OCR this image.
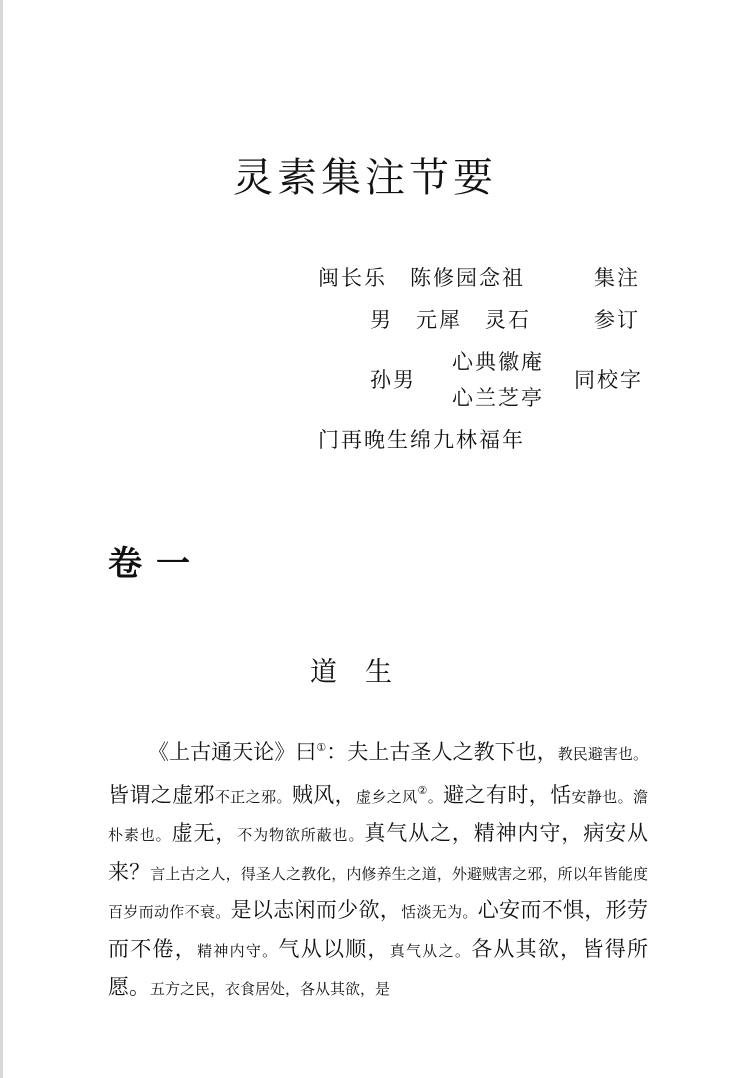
灵素集注节要
闽长乐　陈修园念祖	集注
男　元犀　灵石	参订
孙男
心典徽庵
心兰芝亭
同校字
门再晚生绵九林福年
卷一
道生
《上古通天论》曰①：夫上古圣人之教下也，教民避害也。皆谓之虚邪不正之邪。贼风，虚乡之风②。避之有时，恬安静也。澹朴素也。虚无，不为物欲所蔽也。真气从之，精神内守，病安从来？言上古之人，得圣人之教化，内修养生之道，外避贼害之邪，所以年皆能度百岁而动作不衰。是以志闲而少欲，恬淡无为。心安而不惧，形劳而不倦，精神内守。气从以顺，真气从之。各从其欲，皆得所愿。五方之民，衣食居处，各从其欲，是
